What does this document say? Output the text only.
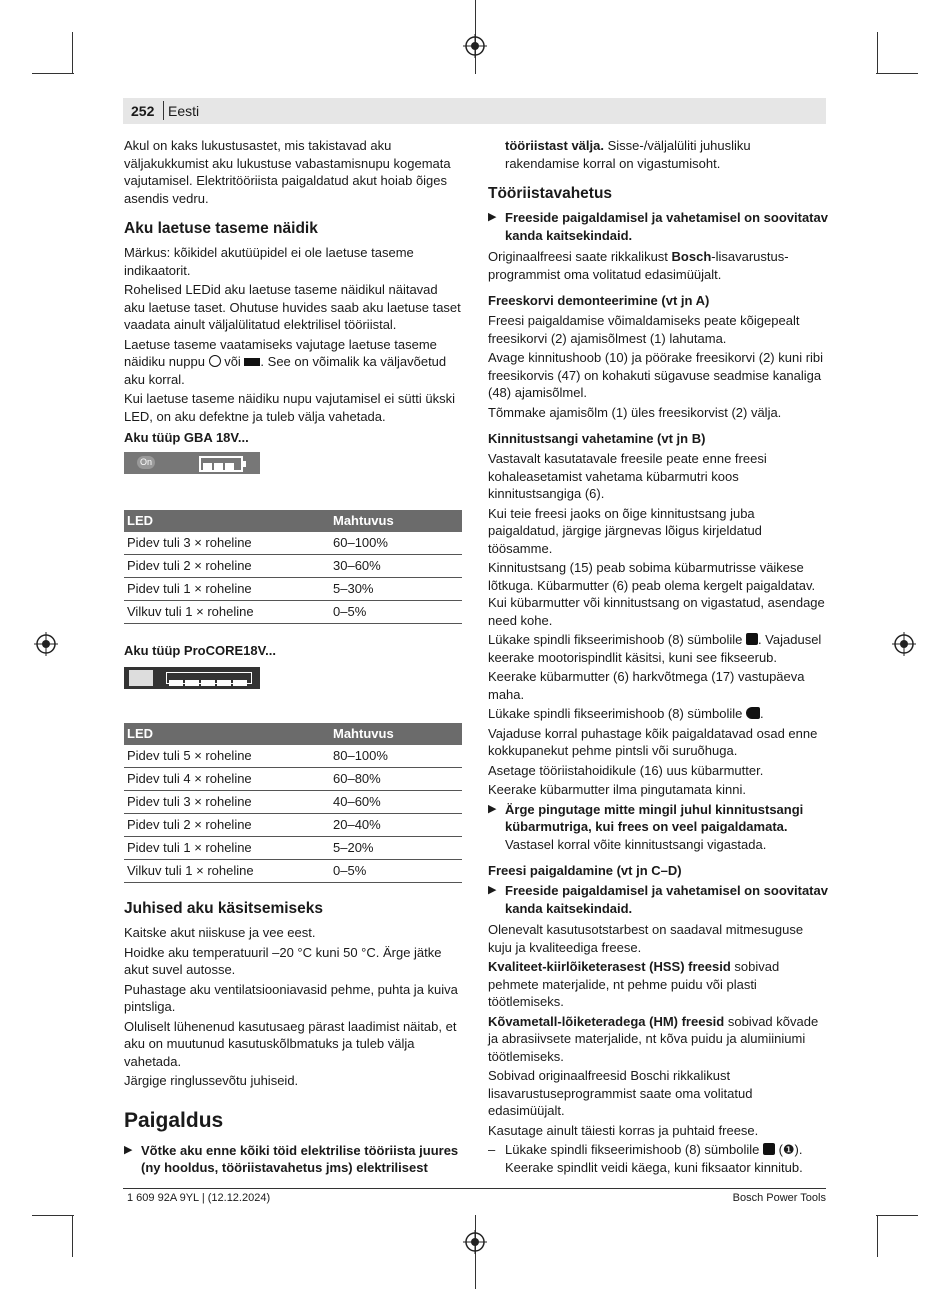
252 Eesti

Akul on kaks lukustusastet, mis takistavad aku väljakukkumist aku lukustuse vabastamisnupu kogemata vajutamisel. Elektritööriista paigaldatud akut hoiab õiges asendis vedru.

Aku laetuse taseme näidik

Märkus: kõikidel akutüüpidel ei ole laetuse taseme indikaatorit.

Rohelised LEDid aku laetuse taseme näidikul näitavad aku laetuse taset. Ohutuse huvides saab aku laetuse taset vaadata ainult väljalülitatud elektrilisel tööriistal.

Laetuse taseme vaatamiseks vajutage laetuse taseme näidiku nuppu  või . See on võimalik ka väljavõetud aku korral.

Kui laetuse taseme näidiku nupu vajutamisel ei sütti ükski LED, on aku defektne ja tuleb välja vahetada.

Aku tüüp GBA 18V...
On
LED	Mahtuvus
Pidev tuli 3 × roheline	60–100%
Pidev tuli 2 × roheline	30–60%
Pidev tuli 1 × roheline	5–30%
Vilkuv tuli 1 × roheline	0–5%
Aku tüüp ProCORE18V...
LED	Mahtuvus
Pidev tuli 5 × roheline	80–100%
Pidev tuli 4 × roheline	60–80%
Pidev tuli 3 × roheline	40–60%
Pidev tuli 2 × roheline	20–40%
Pidev tuli 1 × roheline	5–20%
Vilkuv tuli 1 × roheline	0–5%
Juhised aku käsitsemiseks

Kaitske akut niiskuse ja vee eest.

Hoidke aku temperatuuril –20 °C kuni 50 °C. Ärge jätke akut suvel autosse.

Puhastage aku ventilatsiooniavasid pehme, puhta ja kuiva pintsliga.

Oluliselt lühenenud kasutusaeg pärast laadimist näitab, et aku on muutunud kasutuskõlbmatuks ja tuleb välja vahetada.

Järgige ringlussevõtu juhiseid.

Paigaldus
▶ Võtke aku enne kõiki töid elektrilise tööriista juures (ny hooldus, tööriistavahetus jms) elektrilisest
tööriistast välja. Sisse-/väljalüliti juhusliku rakendamise korral on vigastumisoht.
Tööriistavahetus
▶ Freeside paigaldamisel ja vahetamisel on soovitatav kanda kaitsekindaid.

Originaalfreesi saate rikkalikust Bosch-lisavarustus-programmist oma volitatud edasimüüjalt.

Freeskorvi demonteerimine (vt jn A)

Freesi paigaldamise võimaldamiseks peate kõigepealt freesikorvi (2) ajamisõlmest (1) lahutama.

Avage kinnitushoob (10) ja pöörake freesikorvi (2) kuni ribi freesikorvis (47) on kohakuti sügavuse seadmise kanaliga (48) ajamisõlmel.

Tõmmake ajamisõlm (1) üles freesikorvist (2) välja.

Kinnitustsangi vahetamine (vt jn B)

Vastavalt kasutatavale freesile peate enne freesi kohaleasetamist vahetama kübarmutri koos kinnitustsangiga (6).

Kui teie freesi jaoks on õige kinnitustsang juba paigaldatud, järgige järgnevas lõigus kirjeldatud töösamme.

Kinnitustsang (15) peab sobima kübarmutrisse väikese lõtkuga. Kübarmutter (6) peab olema kergelt paigaldatav. Kui kübarmutter või kinnitustsang on vigastatud, asendage need kohe.

Lükake spindli fikseerimishoob (8) sümbolile . Vajadusel keerake mootorispindlit käsitsi, kuni see fikseerub.

Keerake kübarmutter (6) harkvõtmega (17) vastupäeva maha.

Lükake spindli fikseerimishoob (8) sümbolile .

Vajaduse korral puhastage kõik paigaldatavad osad enne kokkupanekut pehme pintsli või suruõhuga.

Asetage tööriistahoidikule (16) uus kübarmutter.

Keerake kübarmutter ilma pingutamata kinni.

▶ Ärge pingutage mitte mingil juhul kinnitustsangi kübarmutriga, kui frees on veel paigaldamata. Vastasel korral võite kinnitustsangi vigastada.
Freesi paigaldamine (vt jn C–D)
▶ Freeside paigaldamisel ja vahetamisel on soovitatav kanda kaitsekindaid.

Olenevalt kasutusotstarbest on saadaval mitmesuguse kuju ja kvaliteediga freese.

Kvaliteet-kiirlõiketerasest (HSS) freesid sobivad pehmete materjalide, nt pehme puidu või plasti töötlemiseks.

Kõvametall-lõiketeradega (HM) freesid sobivad kõvade ja abrasiivsete materjalide, nt kõva puidu ja alumiiniumi töötlemiseks.

Sobivad originaalfreesid Boschi rikkalikust lisavarustuseprogrammist saate oma volitatud edasimüüjalt.

Kasutage ainult täiesti korras ja puhtaid freese.

– Lükake spindli fikseerimishoob (8) sümbolile  (❶).
Keerake spindlit veidi käega, kuni fiksaator kinnitub.
1 609 92A 9YL | (12.12.2024)	Bosch Power Tools
